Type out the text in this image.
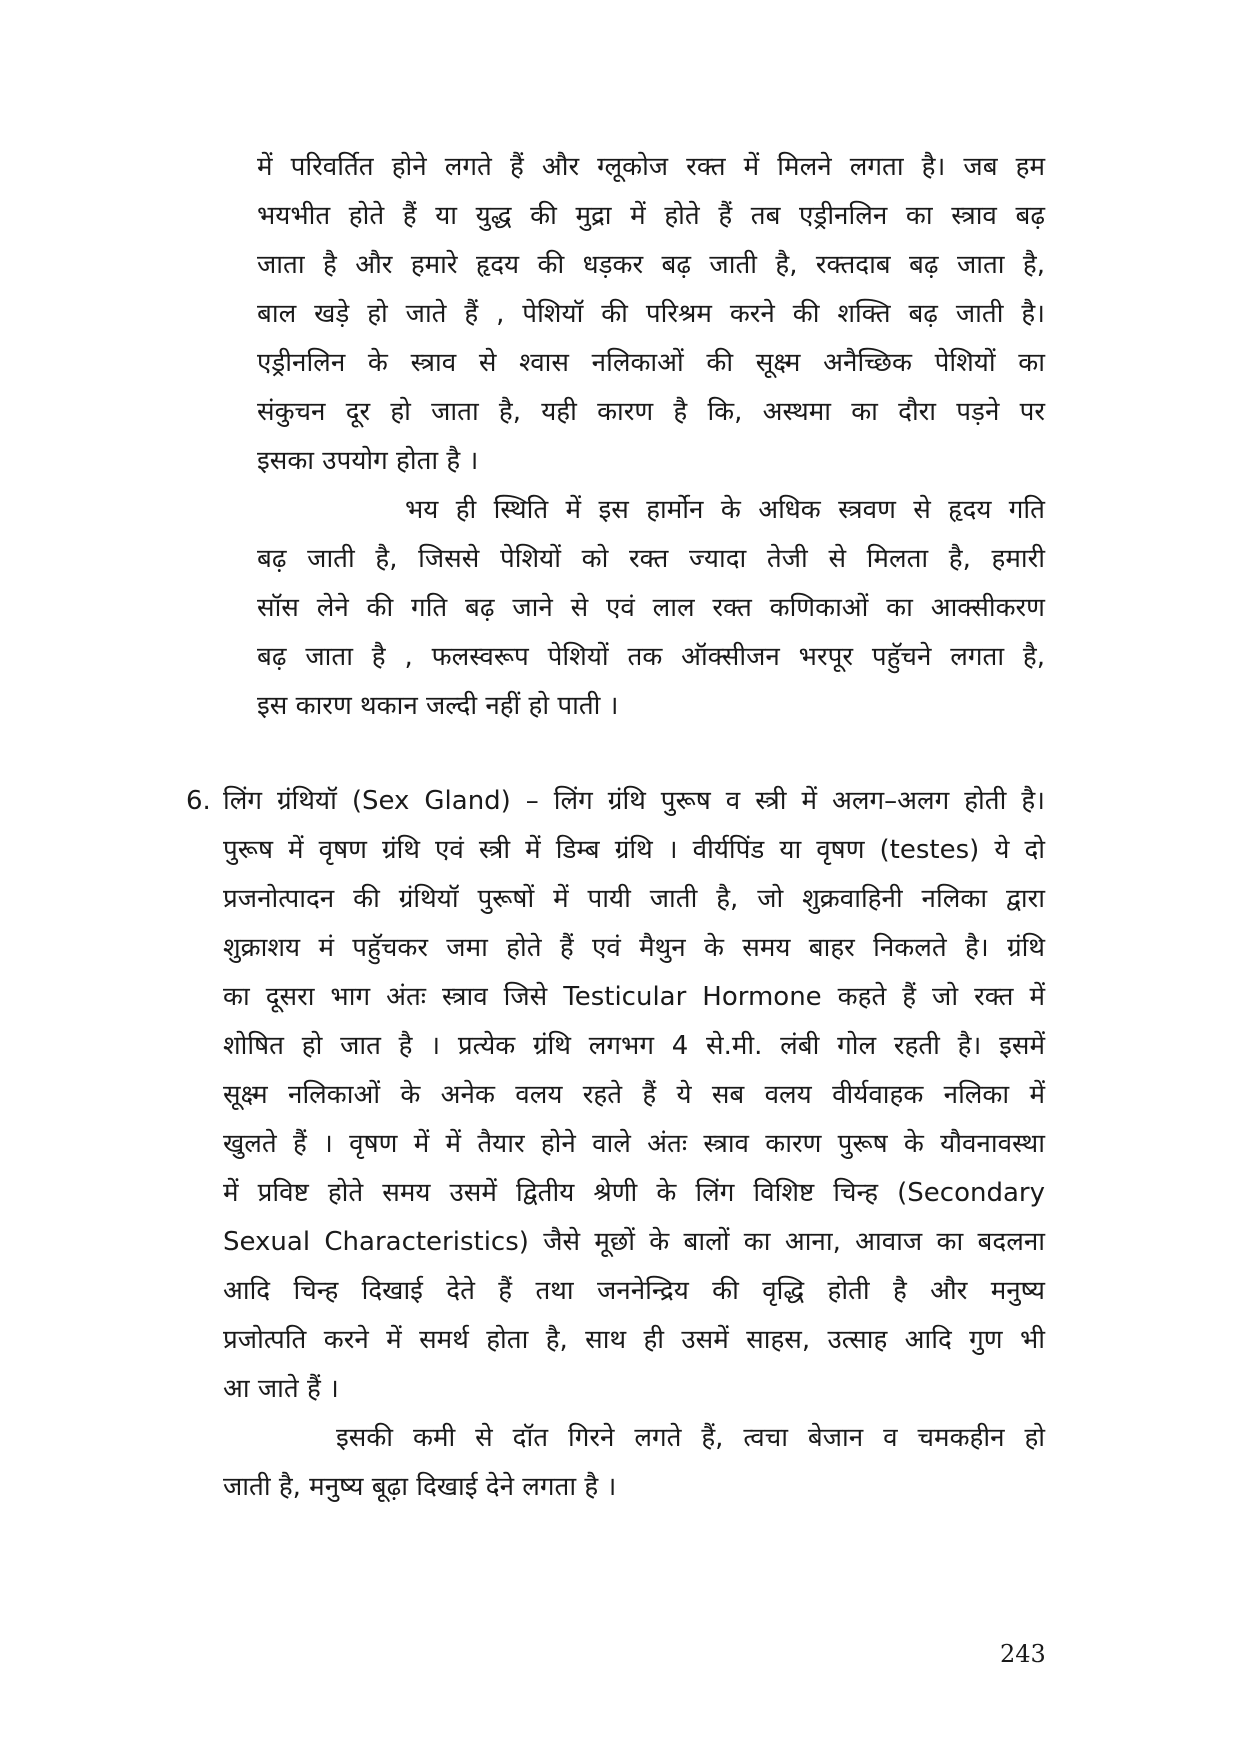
में परिवर्तित होने लगते हैं और ग्लूकोज रक्त में मिलने लगता है। जब हम
भयभीत होते हैं या युद्ध की मुद्रा में होते हैं तब एड्रीनलिन का स्त्राव बढ़
जाता है और हमारे हृदय की धड़कर बढ़ जाती है, रक्तदाब बढ़ जाता है,
बाल खड़े हो जाते हैं , पेशियॉ की परिश्रम करने की शक्ति बढ़ जाती है।
एड्रीनलिन के स्त्राव से श्वास नलिकाओं की सूक्ष्म अनैच्छिक पेशियों का
संकुचन दूर हो जाता है, यही कारण है कि, अस्थमा का दौरा पड़ने पर
इसका उपयोग होता है ।
भय ही स्थिति में इस हार्मोन के अधिक स्त्रवण से हृदय गति
बढ़ जाती है, जिससे पेशियों को रक्त ज्यादा तेजी से मिलता है, हमारी
सॉस लेने की गति बढ़ जाने से एवं लाल रक्त कणिकाओं का आक्सीकरण
बढ़ जाता है , फलस्वरूप पेशियों तक ऑक्सीजन भरपूर पहुॅचने लगता है,
इस कारण थकान जल्दी नहीं हो पाती ।
6. लिंग ग्रंथियॉ (Sex Gland) – लिंग ग्रंथि पुरूष व स्त्री में अलग–अलग होती है।
पुरूष में वृषण ग्रंथि एवं स्त्री में डिम्ब ग्रंथि । वीर्यपिंड या वृषण (testes) ये दो
प्रजनोत्पादन की ग्रंथियॉ पुरूषों में पायी जाती है, जो शुक्रवाहिनी नलिका द्वारा
शुक्राशय मं पहुॅचकर जमा होते हैं एवं मैथुन के समय बाहर निकलते है। ग्रंथि
का दूसरा भाग अंतः स्त्राव जिसे Testicular Hormone कहते हैं जो रक्त में
शोषित हो जात है । प्रत्येक ग्रंथि लगभग 4 से.मी. लंबी गोल रहती है। इसमें
सूक्ष्म नलिकाओं के अनेक वलय रहते हैं ये सब वलय वीर्यवाहक नलिका में
खुलते हैं । वृषण में में तैयार होने वाले अंतः स्त्राव कारण पुरूष के यौवनावस्था
में प्रविष्ट होते समय उसमें द्वितीय श्रेणी के लिंग विशिष्ट चिन्ह (Secondary
Sexual Characteristics) जैसे मूछों के बालों का आना, आवाज का बदलना
आदि चिन्ह दिखाई देते हैं तथा जननेन्द्रिय की वृद्धि होती है और मनुष्य
प्रजोत्पति करने में समर्थ होता है, साथ ही उसमें साहस, उत्साह आदि गुण भी
आ जाते हैं ।
इसकी कमी से दॉत गिरने लगते हैं, त्वचा बेजान व चमकहीन हो
जाती है, मनुष्य बूढ़ा दिखाई देने लगता है ।
243
